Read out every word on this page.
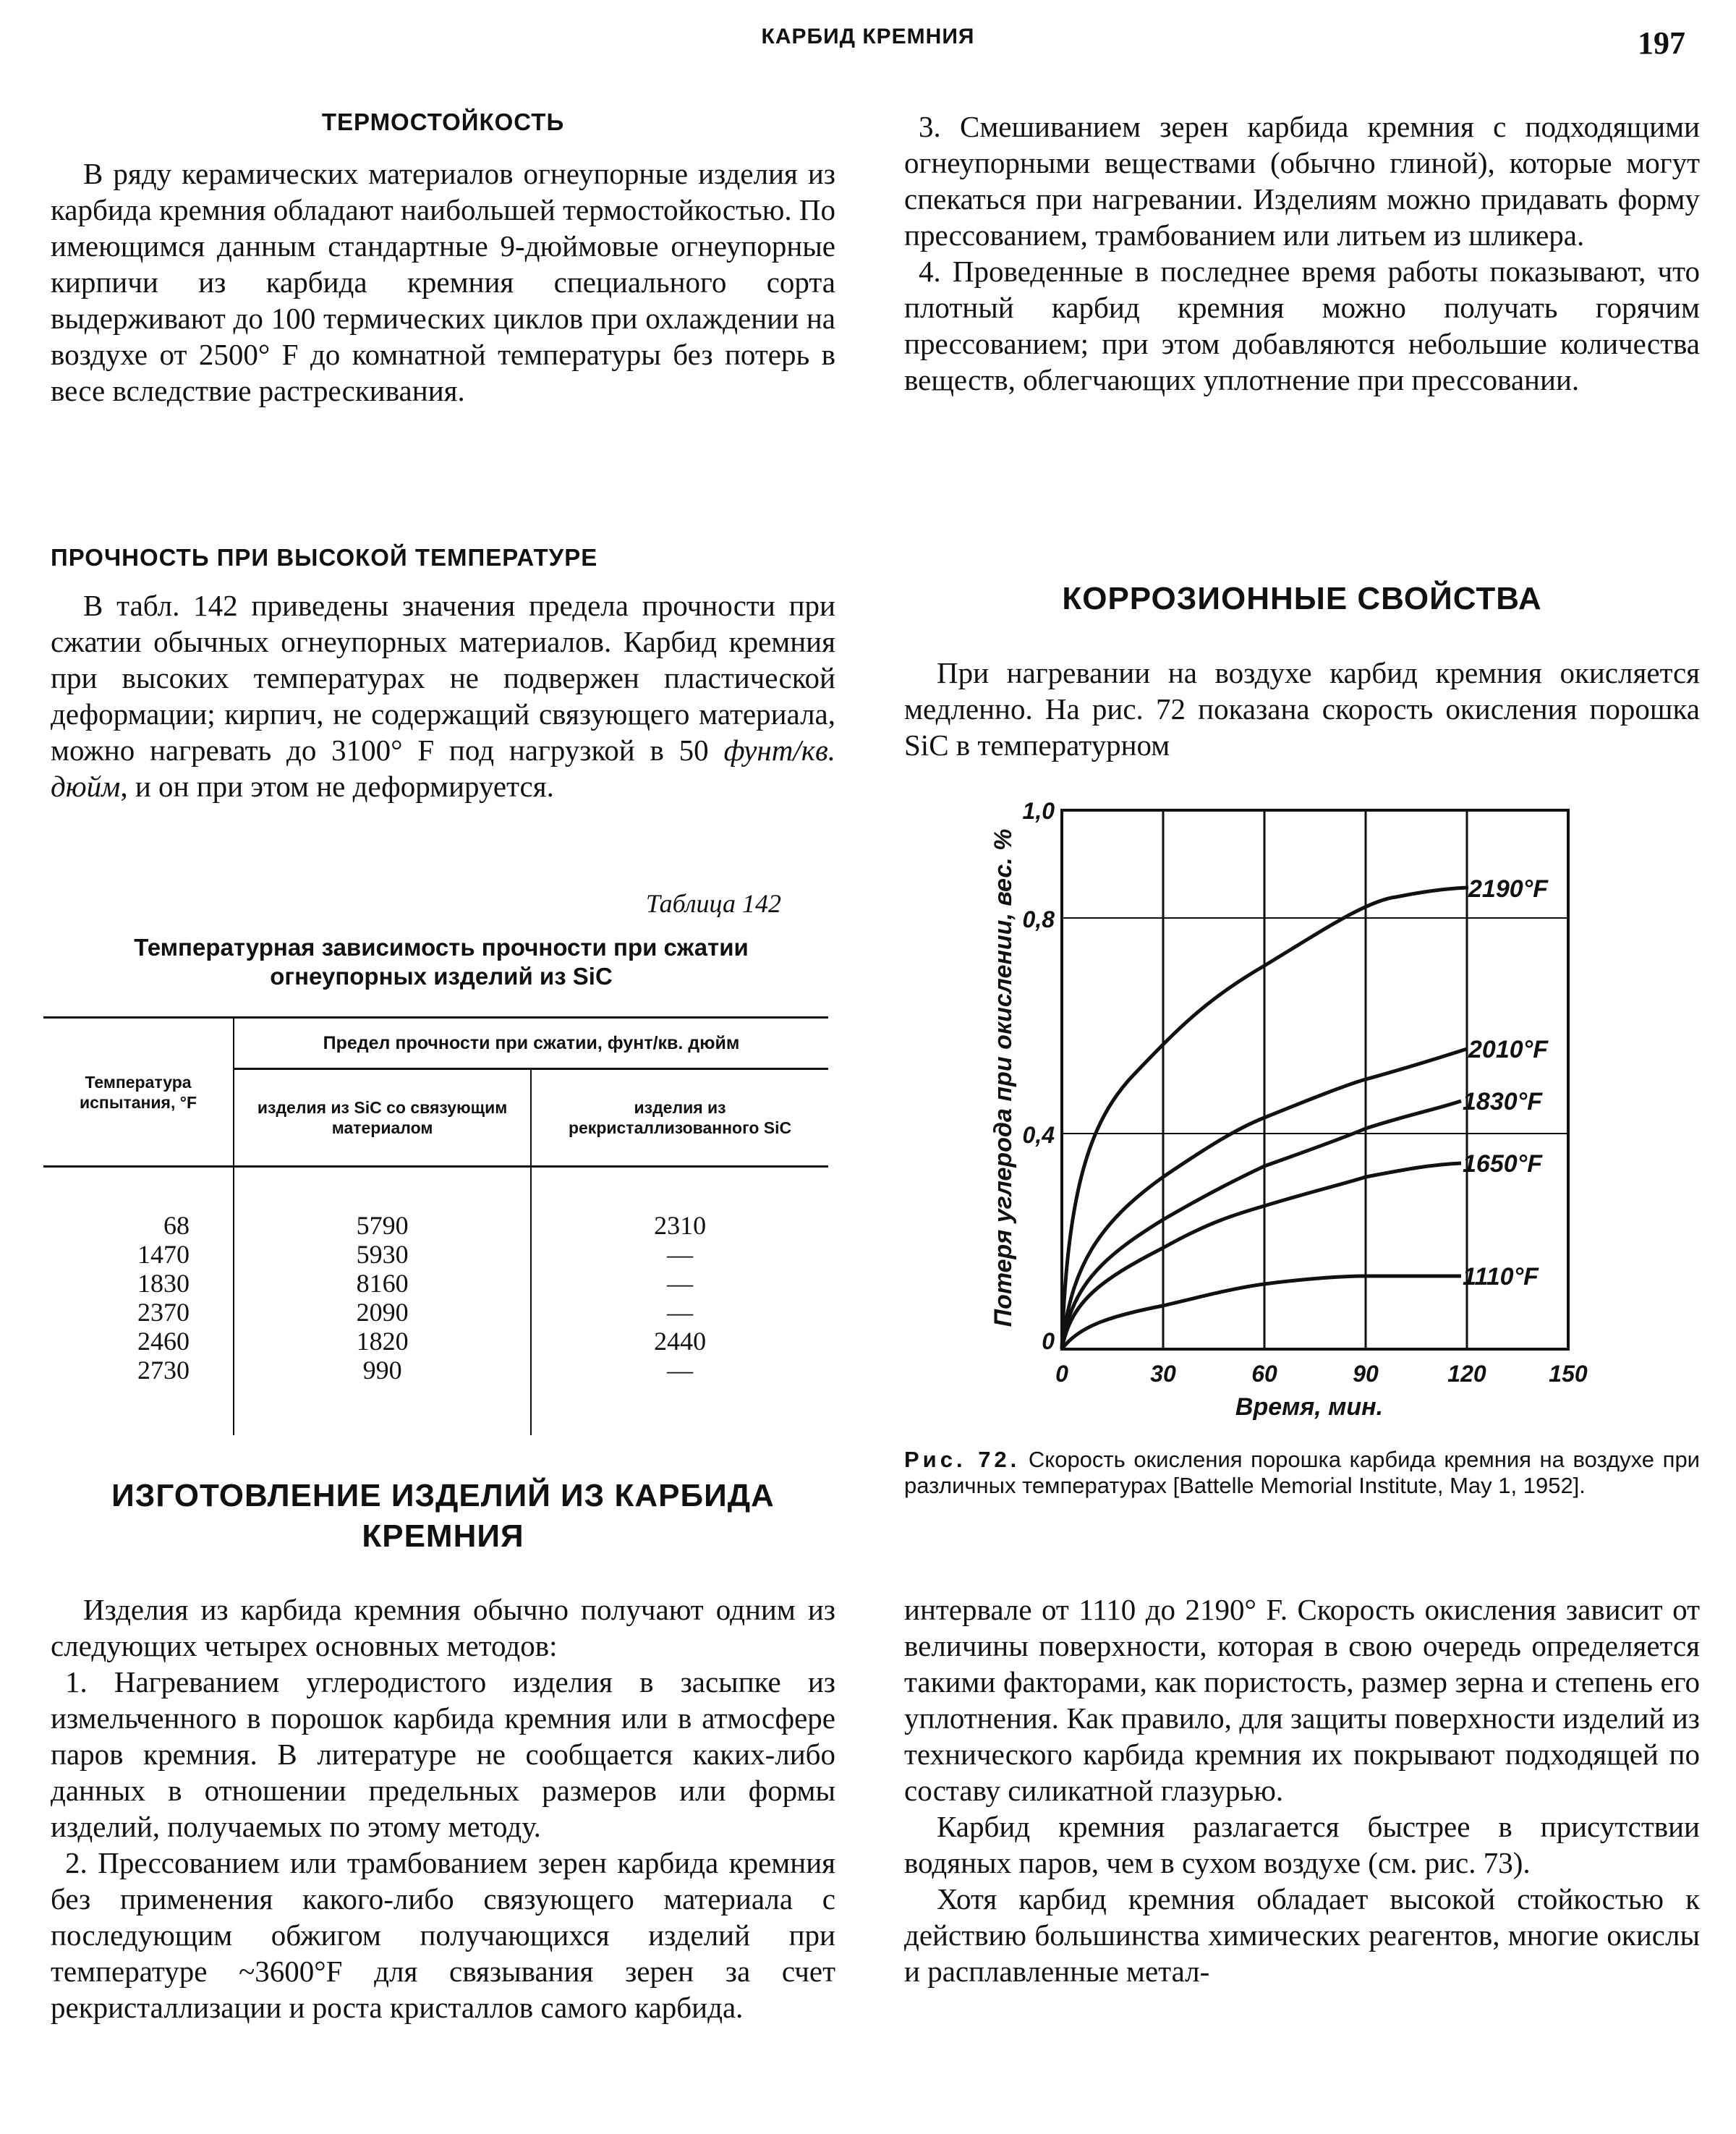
КАРБИД КРЕМНИЯ	197
ТЕРМОСТОЙКОСТЬ

В ряду керамических материалов огнеупорные изделия из карбида кремния обладают наибольшей термостойкостью. По имеющимся данным стандартные 9-дюймовые огнеупорные кирпичи из карбида кремния специального сорта выдерживают до 100 термических циклов при охлаждении на воздухе от 2500° F до комнатной температуры без потерь в весе вследствие растрескивания.

ПРОЧНОСТЬ ПРИ ВЫСОКОЙ ТЕМПЕРАТУРЕ

В табл. 142 приведены значения предела прочности при сжатии обычных огнеупорных материалов. Карбид кремния при высоких температурах не подвержен пластической деформации; кирпич, не содержащий связующего материала, можно нагревать до 3100° F под нагрузкой в 50 фунт/кв. дюйм, и он при этом не деформируется.

Таблица 142
Температурная зависимость прочности при сжатии огнеупорных изделий из SiC
Температура испытания, °F	Предел прочности при сжатии, фунт/кв. дюйм	
	изделия из SiC со связующим материалом	изделия из рекристаллизованного SiC

68	5790	2310
1470	5930	—
1830	8160	—
2370	2090	—
2460	1820	2440
2730	990	—

ИЗГОТОВЛЕНИЕ ИЗДЕЛИЙ ИЗ КАРБИДА КРЕМНИЯ

Изделия из карбида кремния обычно получают одним из следующих четырех основных методов:

1. Нагреванием углеродистого изделия в засыпке из измельченного в порошок карбида кремния или в атмосфере паров кремния. В литературе не сообщается каких-либо данных в отношении предельных размеров или формы изделий, получаемых по этому методу.

2. Прессованием или трамбованием зерен карбида кремния без применения какого-либо связующего материала с последующим обжигом получающихся изделий при температуре ~3600°F для связывания зерен за счет рекристаллизации и роста кристаллов самого карбида.

3. Смешиванием зерен карбида кремния с подходящими огнеупорными веществами (обычно глиной), которые могут спекаться при нагревании. Изделиям можно придавать форму прессованием, трамбованием или литьем из шликера.

4. Проведенные в последнее время работы показывают, что плотный карбид кремния можно получать горячим прессованием; при этом добавляются небольшие количества веществ, облегчающих уплотнение при прессовании.

КОРРОЗИОННЫЕ СВОЙСТВА

При нагревании на воздухе карбид кремния окисляется медленно. На рис. 72 показана скорость окисления порошка SiC в температурном

2190°F
2010°F
1830°F
1650°F
1110°F
0	30	60	90	120	150
Время, мин.
0
0,4
0,8
1,0
Потеря углерода при окислении, вес. %
Рис. 72. Скорость окисления порошка карбида кремния на воздухе при различных температурах [Battelle Memorial Institute, May 1, 1952].

интервале от 1110 до 2190° F. Скорость окисления зависит от величины поверхности, которая в свою очередь определяется такими факторами, как пористость, размер зерна и степень его уплотнения. Как правило, для защиты поверхности изделий из технического карбида кремния их покрывают подходящей по составу силикатной глазурью.

Карбид кремния разлагается быстрее в присутствии водяных паров, чем в сухом воздухе (см. рис. 73).

Хотя карбид кремния обладает высокой стойкостью к действию большинства химических реагентов, многие окислы и расплавленные метал-
